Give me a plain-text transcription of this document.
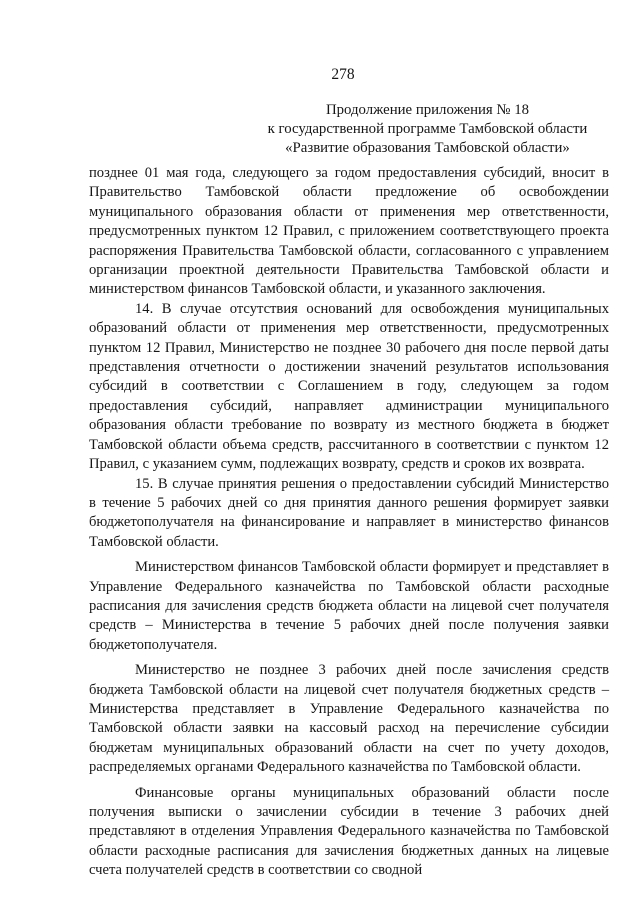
278
Продолжение приложения № 18
к государственной программе Тамбовской области
«Развитие образования Тамбовской области»

позднее 01 мая года, следующего за годом предоставления субсидий, вносит в Правительство Тамбовской области предложение об освобождении муниципального образования области от применения мер ответственности, предусмотренных пунктом 12 Правил, с приложением соответствующего проекта распоряжения Правительства Тамбовской области, согласованного с управлением организации проектной деятельности Правительства Тамбовской области и министерством финансов Тамбовской области, и указанного заключения.

14. В случае отсутствия оснований для освобождения муниципальных образований области от применения мер ответственности, предусмотренных пунктом 12 Правил, Министерство не позднее 30 рабочего дня после первой даты представления отчетности о достижении значений результатов использования субсидий в соответствии с Соглашением в году, следующем за годом предоставления субсидий, направляет администрации муниципального образования области требование по возврату из местного бюджета в бюджет Тамбовской области объема средств, рассчитанного в соответствии с пунктом 12 Правил, с указанием сумм, подлежащих возврату, средств и сроков их возврата.

15. В случае принятия решения о предоставлении субсидий Министерство в течение 5 рабочих дней со дня принятия данного решения формирует заявки бюджетополучателя на финансирование и направляет в министерство финансов Тамбовской области.

Министерством финансов Тамбовской области формирует и представляет в Управление Федерального казначейства по Тамбовской области расходные расписания для зачисления средств бюджета области на лицевой счет получателя средств – Министерства в течение 5 рабочих дней после получения заявки бюджетополучателя.

Министерство не позднее 3 рабочих дней после зачисления средств бюджета Тамбовской области на лицевой счет получателя бюджетных средств – Министерства представляет в Управление Федерального казначейства по Тамбовской области заявки на кассовый расход на перечисление субсидии бюджетам муниципальных образований области на счет по учету доходов, распределяемых органами Федерального казначейства по Тамбовской области.

Финансовые органы муниципальных образований области после получения выписки о зачислении субсидии в течение 3 рабочих дней представляют в отделения Управления Федерального казначейства по Тамбовской области расходные расписания для зачисления бюджетных данных на лицевые счета получателей средств в соответствии со сводной
